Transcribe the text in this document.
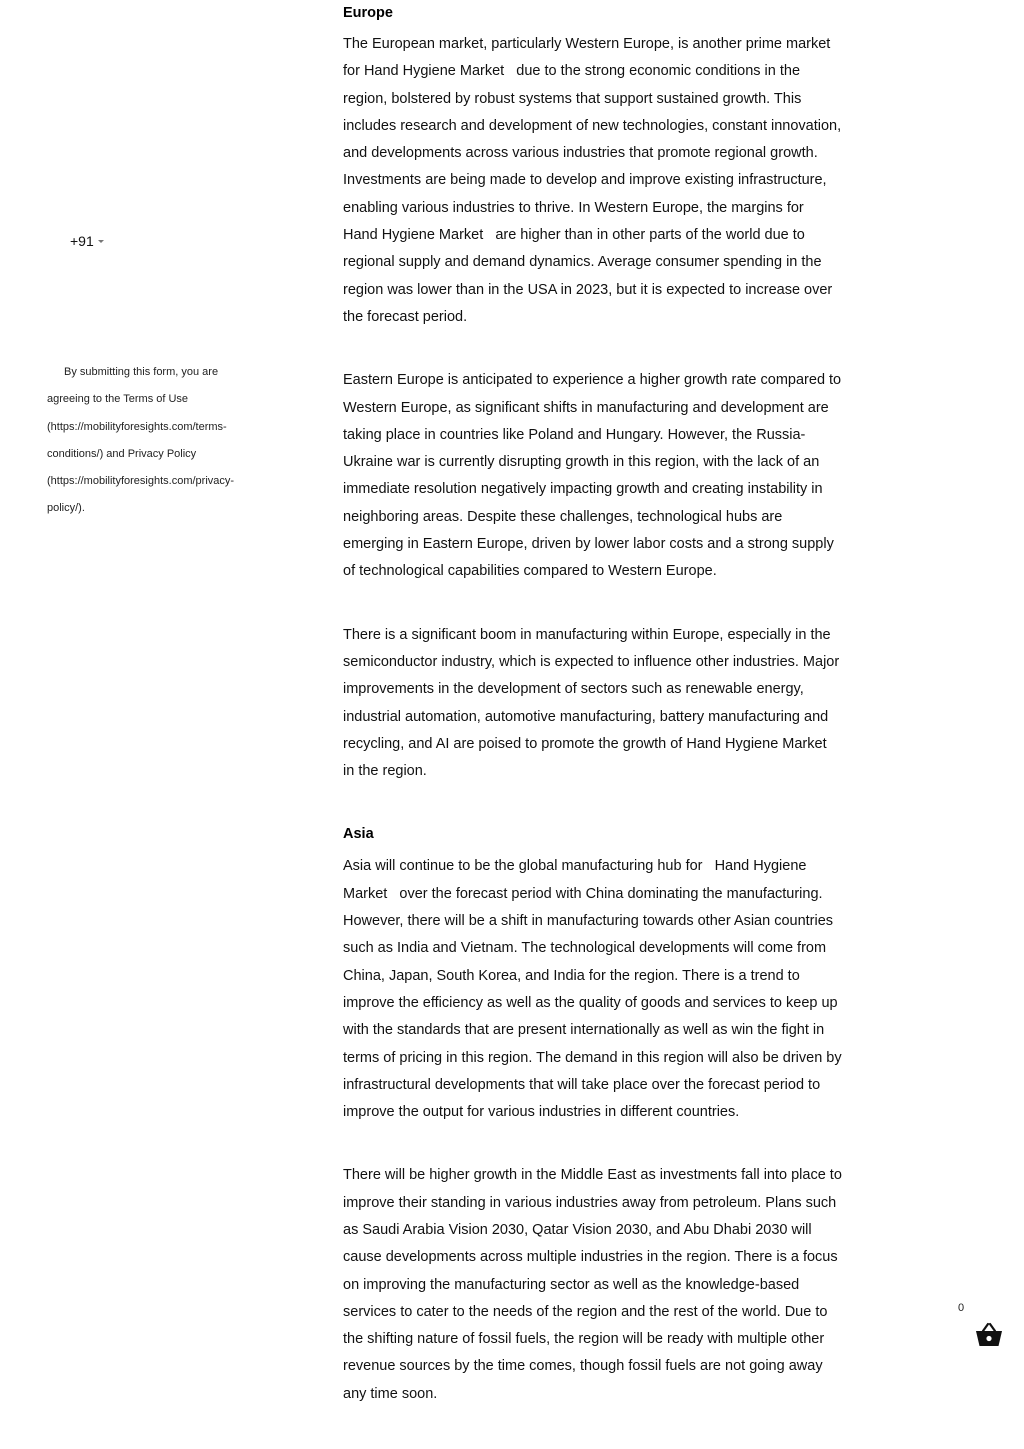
+91

By submitting this form, you are agreeing to the Terms of Use (https://mobilityforesights.com/terms-conditions/) and Privacy Policy (https://mobilityforesights.com/privacy-policy/).

Europe

The European market, particularly Western Europe, is another prime market for Hand Hygiene Market   due to the strong economic conditions in the region, bolstered by robust systems that support sustained growth. This includes research and development of new technologies, constant innovation, and developments across various industries that promote regional growth. Investments are being made to develop and improve existing infrastructure, enabling various industries to thrive. In Western Europe, the margins for   Hand Hygiene Market   are higher than in other parts of the world due to regional supply and demand dynamics. Average consumer spending in the region was lower than in the USA in 2023, but it is expected to increase over the forecast period.

Eastern Europe is anticipated to experience a higher growth rate compared to Western Europe, as significant shifts in manufacturing and development are taking place in countries like Poland and Hungary. However, the Russia-Ukraine war is currently disrupting growth in this region, with the lack of an immediate resolution negatively impacting growth and creating instability in neighboring areas. Despite these challenges, technological hubs are emerging in Eastern Europe, driven by lower labor costs and a strong supply of technological capabilities compared to Western Europe.

There is a significant boom in manufacturing within Europe, especially in the semiconductor industry, which is expected to influence other industries. Major improvements in the development of sectors such as renewable energy, industrial automation, automotive manufacturing, battery manufacturing and recycling, and AI are poised to promote the growth of Hand Hygiene Market   in the region.

Asia

Asia will continue to be the global manufacturing hub for   Hand Hygiene Market   over the forecast period with China dominating the manufacturing. However, there will be a shift in manufacturing towards other Asian countries such as India and Vietnam. The technological developments will come from China, Japan, South Korea, and India for the region. There is a trend to improve the efficiency as well as the quality of goods and services to keep up with the standards that are present internationally as well as win the fight in terms of pricing in this region. The demand in this region will also be driven by infrastructural developments that will take place over the forecast period to improve the output for various industries in different countries.

There will be higher growth in the Middle East as investments fall into place to improve their standing in various industries away from petroleum. Plans such as Saudi Arabia Vision 2030, Qatar Vision 2030, and Abu Dhabi 2030 will cause developments across multiple industries in the region. There is a focus on improving the manufacturing sector as well as the knowledge-based services to cater to the needs of the region and the rest of the world. Due to the shifting nature of fossil fuels, the region will be ready with multiple other revenue sources by the time comes, though fossil fuels are not going away any time soon.

0
